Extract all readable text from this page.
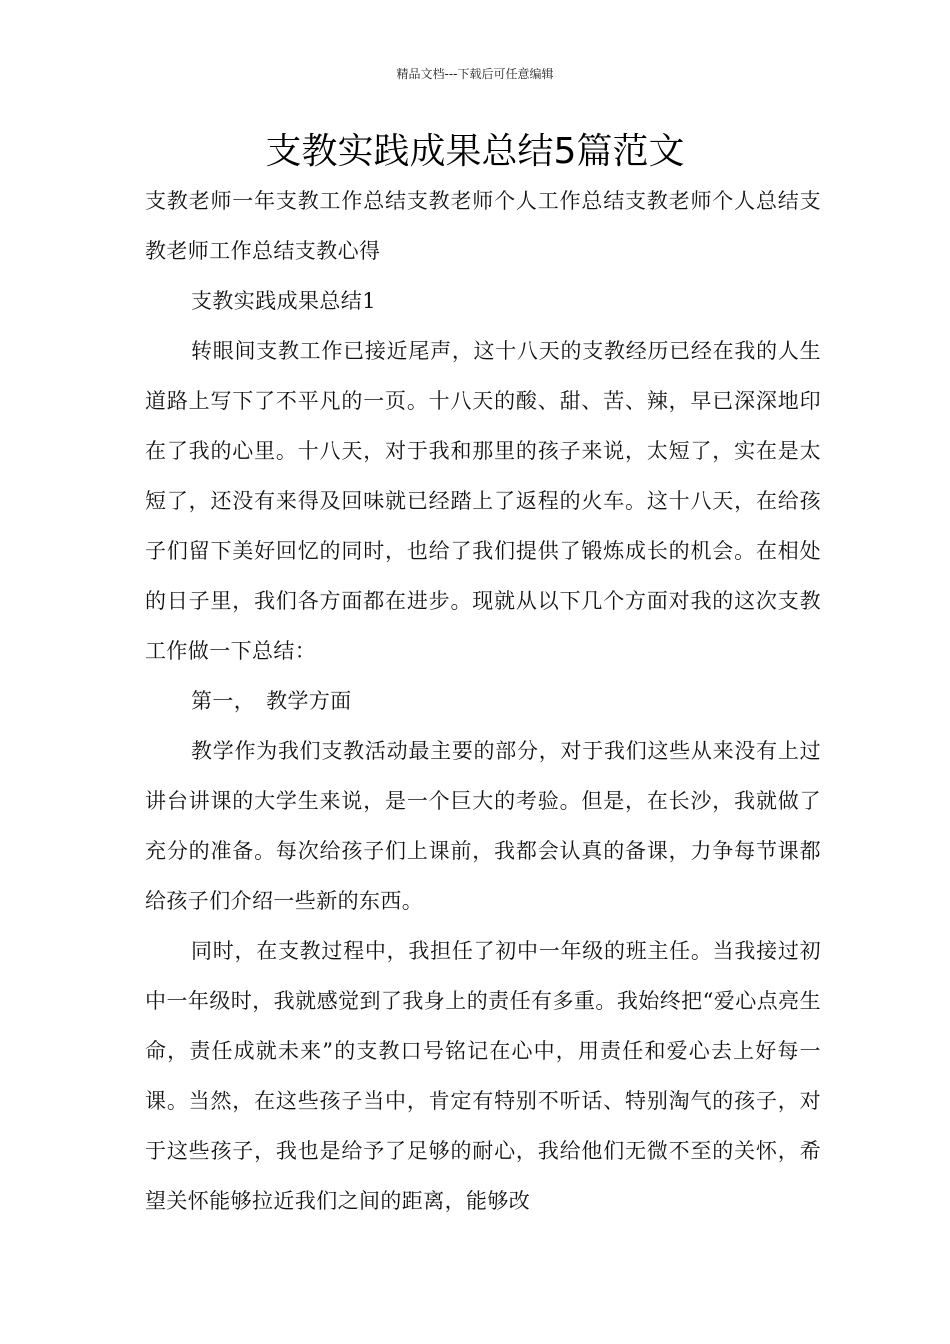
精品文档---下载后可任意编辑
支教实践成果总结5篇范文

支教老师一年支教工作总结支教老师个人工作总结支教老师个人总结支教老师工作总结支教心得

支教实践成果总结1

转眼间支教工作已接近尾声，这十八天的支教经历已经在我的人生道路上写下了不平凡的一页。十八天的酸、甜、苦、辣，早已深深地印在了我的心里。十八天，对于我和那里的孩子来说，太短了，实在是太短了，还没有来得及回味就已经踏上了返程的火车。这十八天，在给孩子们留下美好回忆的同时，也给了我们提供了锻炼成长的机会。在相处的日子里，我们各方面都在进步。现就从以下几个方面对我的这次支教工作做一下总结：

第一，　教学方面

教学作为我们支教活动最主要的部分，对于我们这些从来没有上过讲台讲课的大学生来说，是一个巨大的考验。但是，在长沙，我就做了充分的准备。每次给孩子们上课前，我都会认真的备课，力争每节课都给孩子们介绍一些新的东西。

同时，在支教过程中，我担任了初中一年级的班主任。当我接过初中一年级时，我就感觉到了我身上的责任有多重。我始终把“爱心点亮生命，责任成就未来”的支教口号铭记在心中，用责任和爱心去上好每一课。当然，在这些孩子当中，肯定有特别不听话、特别淘气的孩子，对于这些孩子，我也是给予了足够的耐心，我给他们无微不至的关怀，希望关怀能够拉近我们之间的距离，能够改
